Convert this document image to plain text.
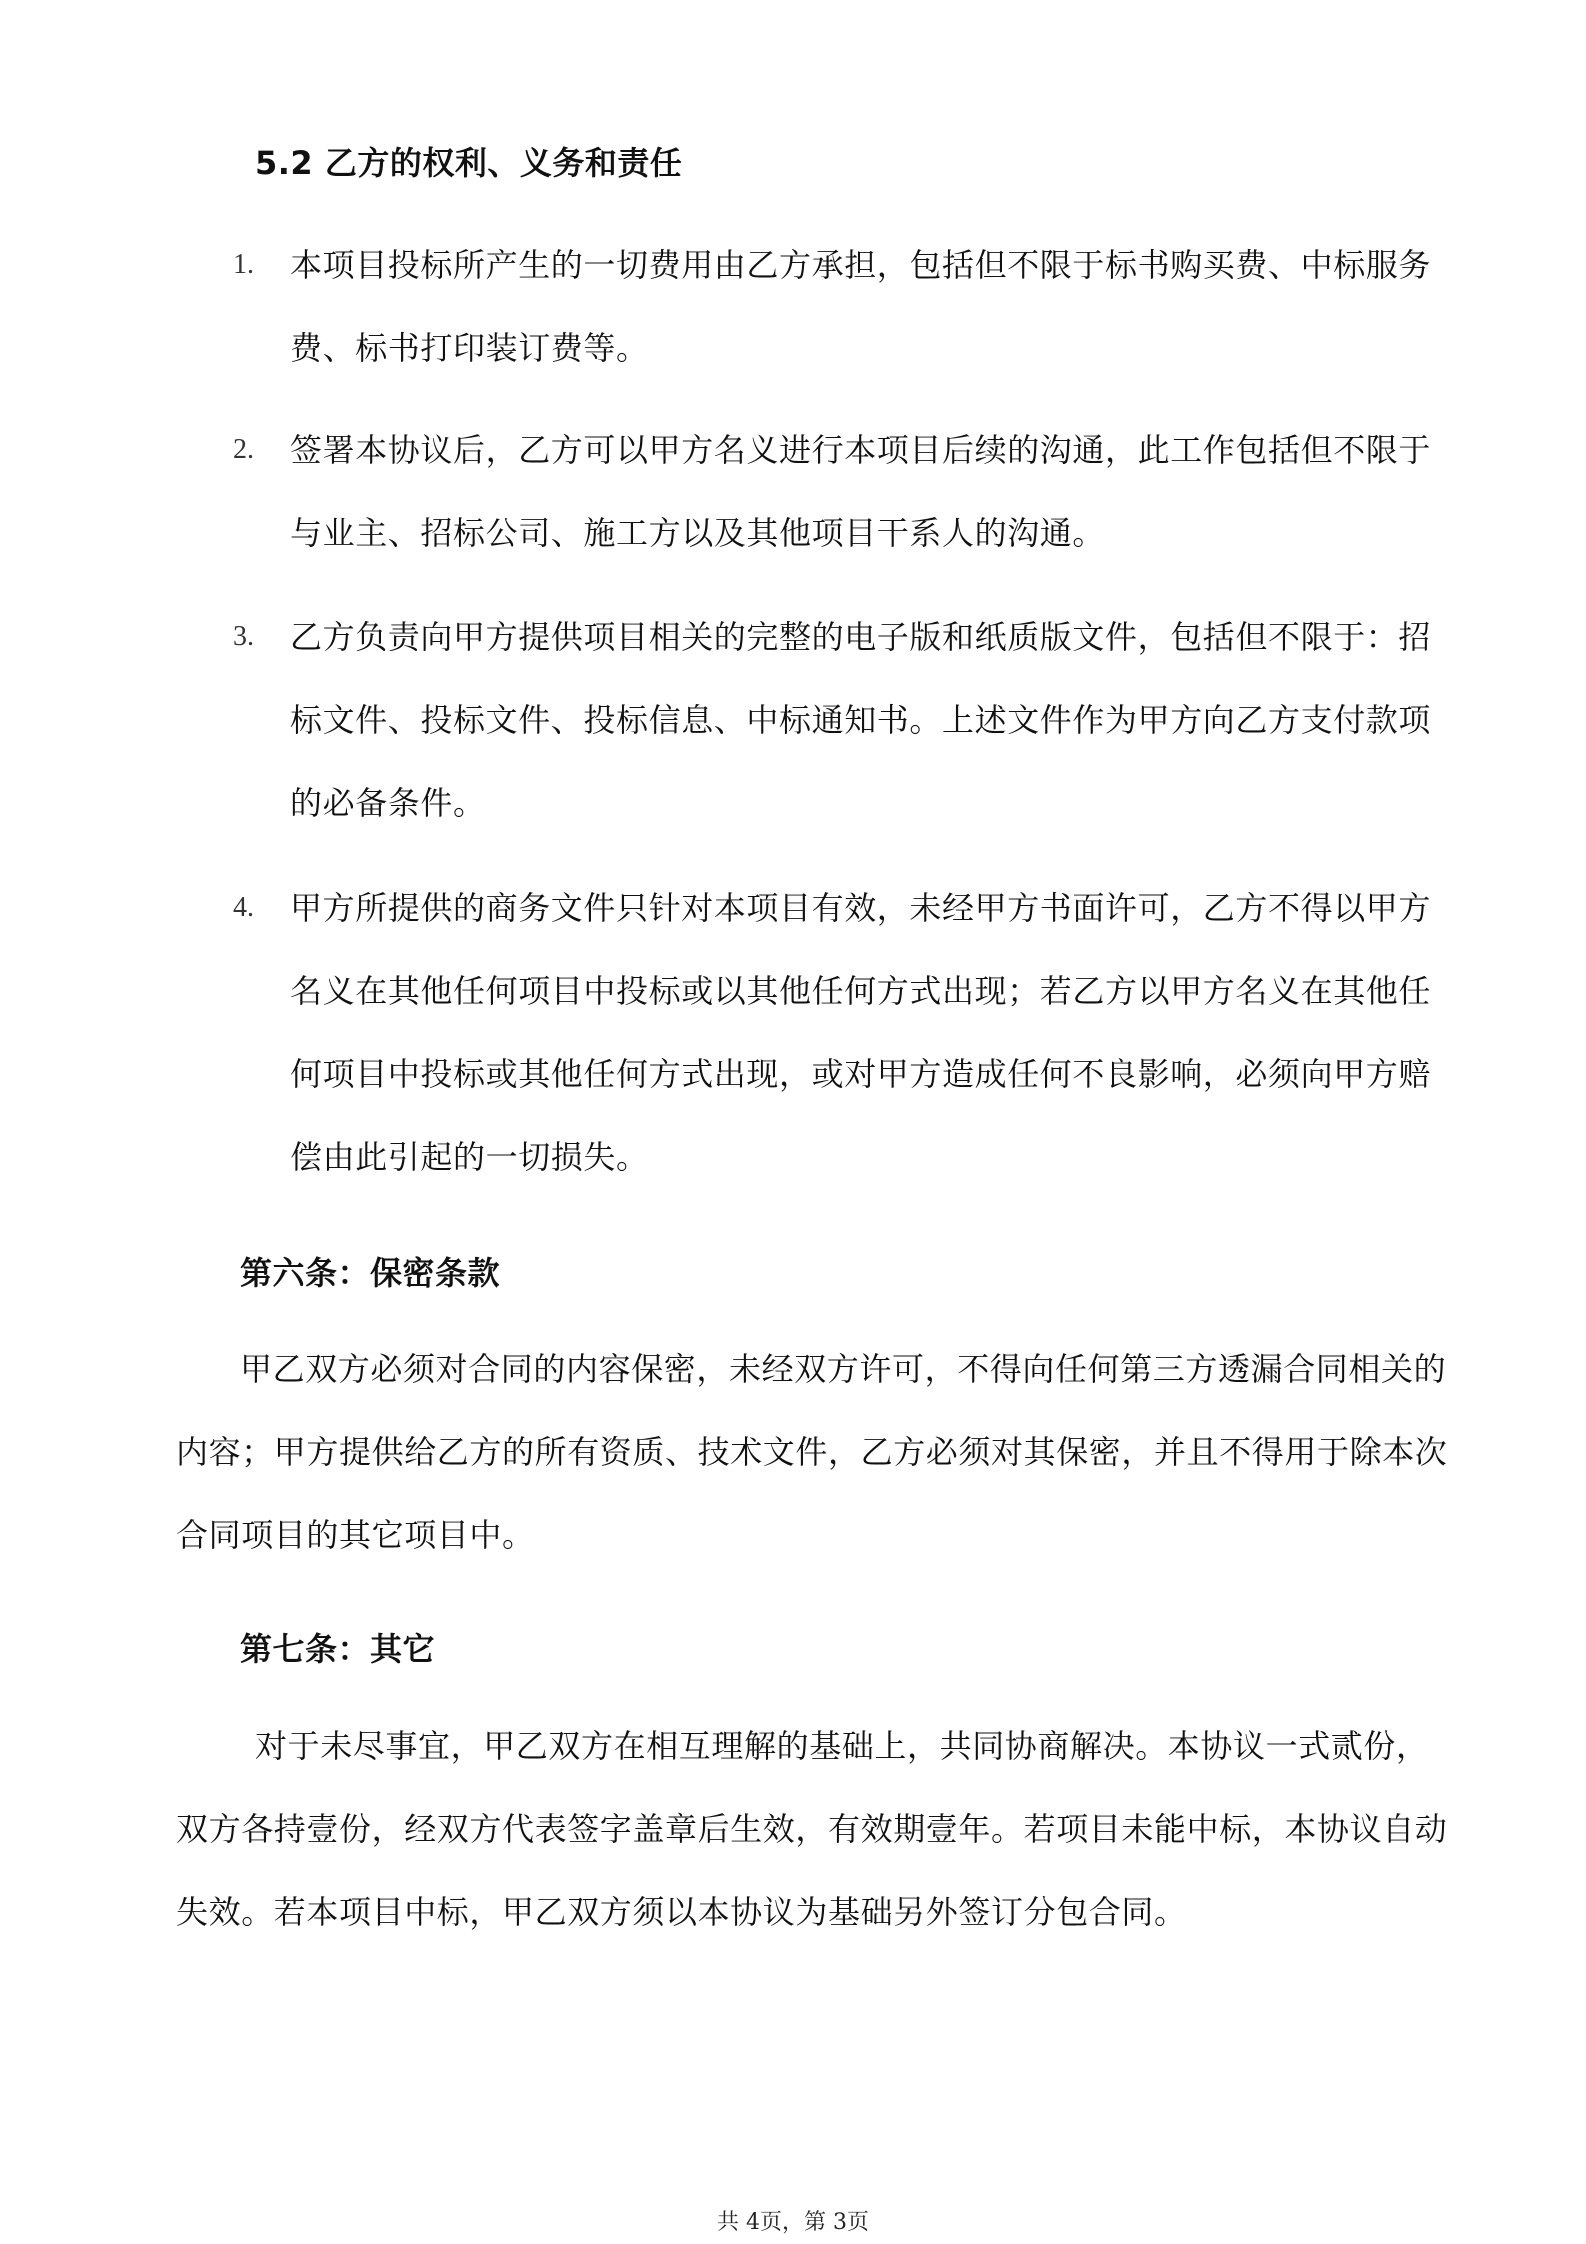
5.2 乙方的权利、义务和责任
1. 本项目投标所产生的一切费用由乙方承担，包括但不限于标书购买费、中标服务
费、标书打印装订费等。
2. 签署本协议后，乙方可以甲方名义进行本项目后续的沟通，此工作包括但不限于
与业主、招标公司、施工方以及其他项目干系人的沟通。
3. 乙方负责向甲方提供项目相关的完整的电子版和纸质版文件，包括但不限于：招
标文件、投标文件、投标信息、中标通知书。上述文件作为甲方向乙方支付款项
的必备条件。
4. 甲方所提供的商务文件只针对本项目有效，未经甲方书面许可，乙方不得以甲方
名义在其他任何项目中投标或以其他任何方式出现；若乙方以甲方名义在其他任
何项目中投标或其他任何方式出现，或对甲方造成任何不良影响，必须向甲方赔
偿由此引起的一切损失。
第六条：保密条款
甲乙双方必须对合同的内容保密，未经双方许可，不得向任何第三方透漏合同相关的
内容；甲方提供给乙方的所有资质、技术文件，乙方必须对其保密，并且不得用于除本次
合同项目的其它项目中。
第七条：其它
对于未尽事宜，甲乙双方在相互理解的基础上，共同协商解决。本协议一式贰份，
双方各持壹份，经双方代表签字盖章后生效，有效期壹年。若项目未能中标，本协议自动
失效。若本项目中标，甲乙双方须以本协议为基础另外签订分包合同。
共 4页，第 3页
